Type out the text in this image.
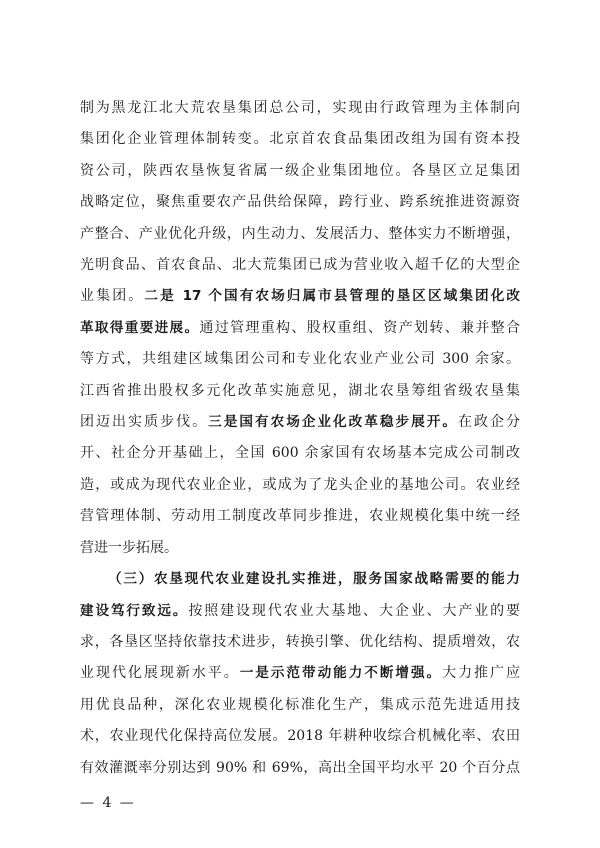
制为黑龙江北大荒农垦集团总公司，实现由行政管理为主体制向
集团化企业管理体制转变。北京首农食品集团改组为国有资本投
资公司，陕西农垦恢复省属一级企业集团地位。各垦区立足集团
战略定位，聚焦重要农产品供给保障，跨行业、跨系统推进资源资
产整合、产业优化升级，内生动力、发展活力、整体实力不断增强，
光明食品、首农食品、北大荒集团已成为营业收入超千亿的大型企
业集团。二是 17 个国有农场归属市县管理的垦区区域集团化改
革取得重要进展。通过管理重构、股权重组、资产划转、兼并整合
等方式，共组建区域集团公司和专业化农业产业公司 300 余家。
江西省推出股权多元化改革实施意见，湖北农垦筹组省级农垦集
团迈出实质步伐。三是国有农场企业化改革稳步展开。在政企分
开、社企分开基础上，全国 600 余家国有农场基本完成公司制改
造，或成为现代农业企业，或成为了龙头企业的基地公司。农业经
营管理体制、劳动用工制度改革同步推进，农业规模化集中统一经
营进一步拓展。

（三）农垦现代农业建设扎实推进，服务国家战略需要的能力
建设笃行致远。按照建设现代农业大基地、大企业、大产业的要
求，各垦区坚持依靠技术进步，转换引擎、优化结构、提质增效，农
业现代化展现新水平。一是示范带动能力不断增强。大力推广应
用优良品种，深化农业规模化标准化生产，集成示范先进适用技
术，农业现代化保持高位发展。2018 年耕种收综合机械化率、农田
有效灌溉率分别达到 90% 和 69%，高出全国平均水平 20 个百分点

— 4 —
